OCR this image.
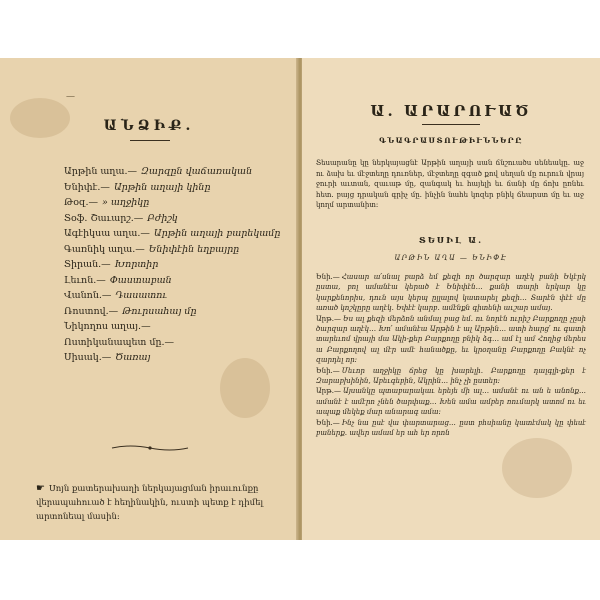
—
ԱՆՁԻՔ.
Արթին աղա.— Զարզըն վաճառական
Ենիփէ.— Արթին աղայի կինը
Թօզ.— » աղջիկը
Տօֆ. Շաւարշ.— Բժիշկ
Ագէիկսա աղա.— Արթին աղայի բարեկամը
Գառնիկ աղա.— Ենիփէին եղբայրը
Տիրան.— Խորտիր
Լեւոն.— Փաստաբան
Վանոն.— Դասատու
Ռոստով.— Թուրսահայ մը
Նիկողոս աղայ.—
Ոստիկանապետ մը.—
Սիսակ.— Ծառայ
☛ Սոյն քատերախաղի ներկայացման իրաւունքը վերապահուած է հեղինակին, ուստի պետք է դիմել արտոնեալ մասին։
Ա. ԱՐԱՐՈՒԱԾ
ԳՆԱԳՐԱՍՏՈՒԹԻՒՆՆԵՐԸ
Տեսարանը կը ներկայացնէ Արթին աղայի սան ճնշուածս սենեակը․ աջ ու ձախ եւ մէջտեղը դուռներ, մէջտեղը զգած քով սեղան մը ուրուն վրայ ջուրի աւտան, զաւաթ մը, զանգակ եւ հայելի եւ ճանի մը ճոխ ըռնեւ հետ․ բայց դրական գրիչ մը․ ինչին նահե կոզեր բնիկ ճեարստ մը եւ աջ կողմ արտանիտ։
ՏԵՍԻԼ Ա.
ԱՐԹԻՆ ԱՂԱ — ԵՆԻՓԷ
Ենի.— Հասար ա՛սնալ բարձ եմ քեզի որ ծարզար աղէկ բանի Եկէրկ ըստա, բոլ ամանէա կերած է Ենիփէն․․․ քանի տարի երկար կը կարքենորիս, դուն այս կերպ ըլլալով կատարել քեզի․․․ Տարէն փէէ մը առած կոշկըրը աղէկ. Եփէէ կարբ․ ամէնքն գիտենի աւշար ամայ․
Արթ.— Ես ալ քեզի մերձոն անմալ բաց եմ. ու նորէն ուրիշ Բարքողը չըսի ծարզար աղէկ․․․ Խո՛ ամանէա Արթին է ալ Արթին․․․ ատի հարց՛ ու գատի տարեւոմ վրայի մա Ակի-քեր Բարքողը բնիկ ձգ․․․ ամ էլ ամ Հողից մերես ա Բարքողով ալ մէր ամէ հանածքը, եւ կրօղանը Բարքողը Բակնէ ոչ զարդել որ։
Ենի.— Մեւոր աղջիկը ճրեց կը խարելի․ Բարքողը դալգլի-քեր է Զարաբխինին, Աբեւգեբին, Ակրին․․․ ինչ չի ըստեր։
Արթ.— Այսանկը պտաբարակաւ երեյե մի ալ․․․ ամանէ ու ան ե անոնք․․․ ամանէ է ամէրո չնեն ծարփաք․․․ Խեն ամա ամբեր ռումարկ ատոմ ու եւ ապաք մեկեք մար անարագ ամա։
Ենի.— Ինչ նա ըսէ վա փարտարաց․․․ ըստ բհսիանը կատէմակ կը փեսէ բաներք․ ավեր ամամ եր ահ եր որոն
